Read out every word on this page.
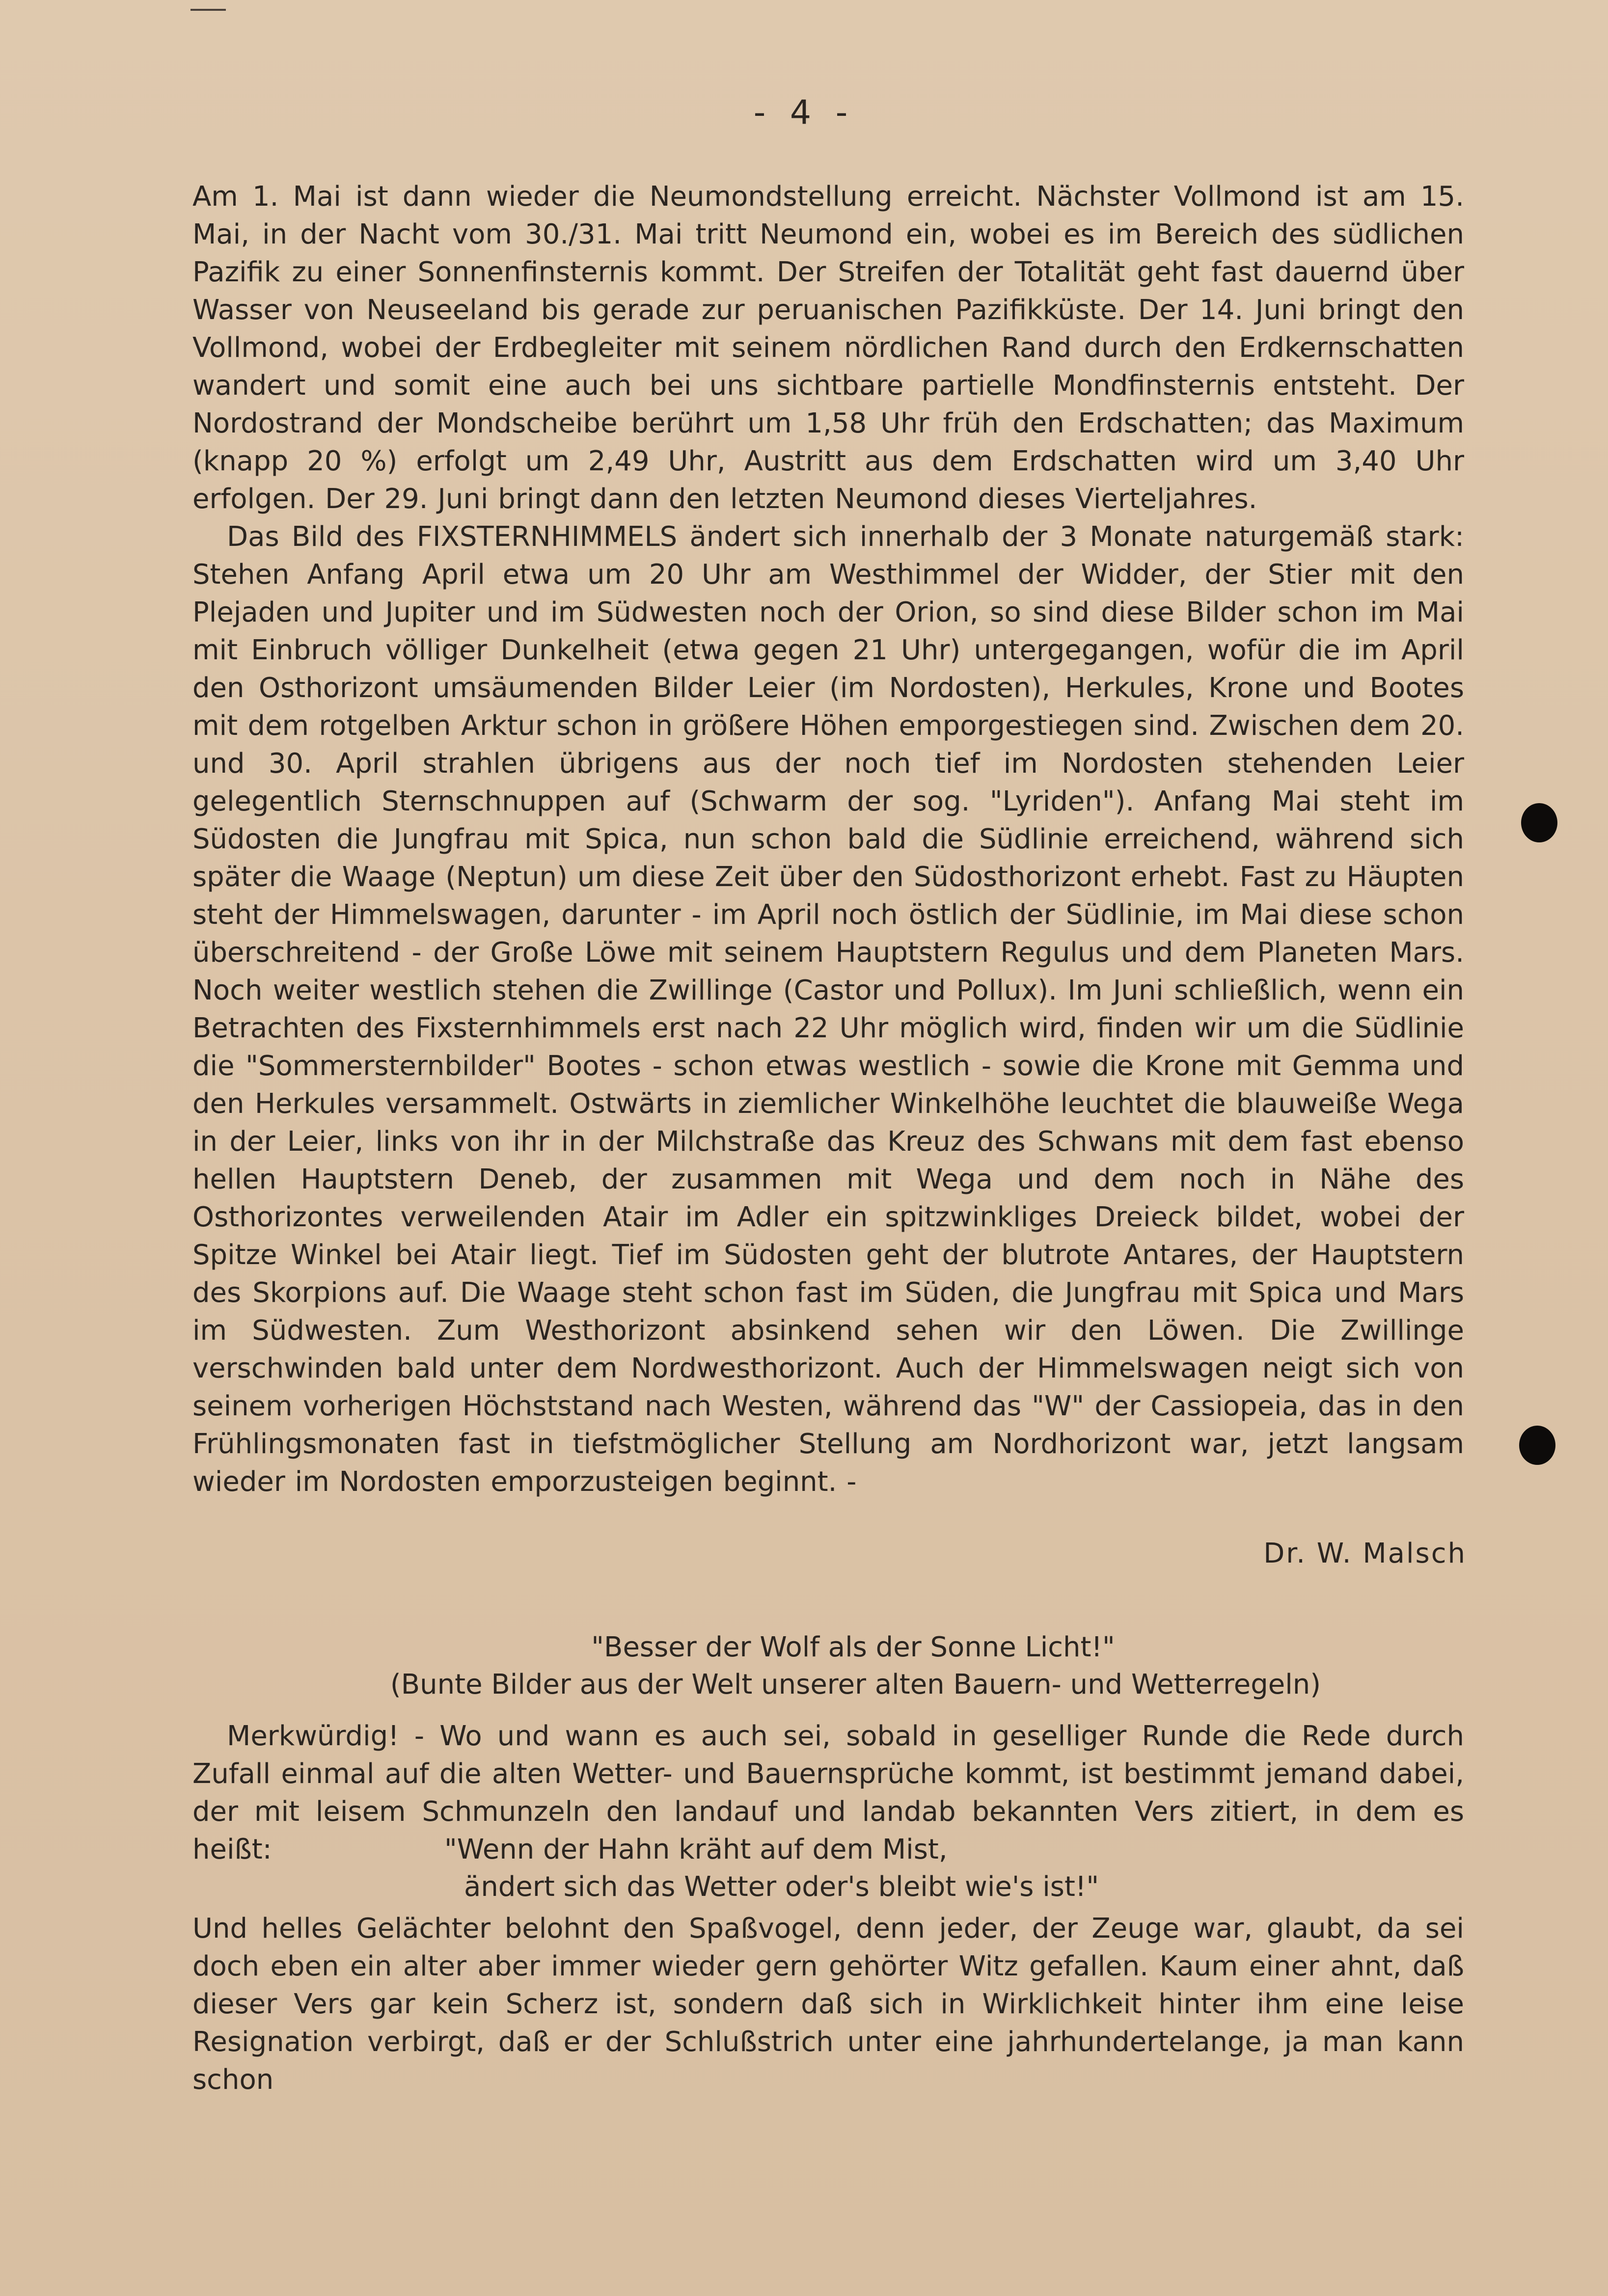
- 4 -

Am 1. Mai ist dann wieder die Neumondstellung erreicht. Nächster Vollmond ist am 15. Mai, in der Nacht vom 30./31. Mai tritt Neumond ein, wobei es im Bereich des südlichen Pazifik zu einer Sonnenfinsternis kommt. Der Streifen der Totalität geht fast dauernd über Wasser von Neuseeland bis gerade zur peruanischen Pazifikküste. Der 14. Juni bringt den Vollmond, wobei der Erdbegleiter mit seinem nördlichen Rand durch den Erdkernschatten wandert und somit eine auch bei uns sichtbare partielle Mondfinsternis entsteht. Der Nordostrand der Mondscheibe berührt um 1,58 Uhr früh den Erdschatten; das Maximum (knapp 20 %) erfolgt um 2,49 Uhr, Austritt aus dem Erdschatten wird um 3,40 Uhr erfolgen. Der 29. Juni bringt dann den letzten Neumond dieses Vierteljahres.

Das Bild des FIXSTERNHIMMELS ändert sich innerhalb der 3 Monate naturgemäß stark: Stehen Anfang April etwa um 20 Uhr am Westhimmel der Widder, der Stier mit den Plejaden und Jupiter und im Südwesten noch der Orion, so sind diese Bilder schon im Mai mit Einbruch völliger Dunkelheit (etwa gegen 21 Uhr) untergegangen, wofür die im April den Osthorizont umsäumenden Bilder Leier (im Nordosten), Herkules, Krone und Bootes mit dem rotgelben Arktur schon in größere Höhen emporgestiegen sind. Zwischen dem 20. und 30. April strahlen übrigens aus der noch tief im Nordosten stehenden Leier gelegentlich Sternschnuppen auf (Schwarm der sog. "Lyriden"). Anfang Mai steht im Südosten die Jungfrau mit Spica, nun schon bald die Südlinie erreichend, während sich später die Waage (Neptun) um diese Zeit über den Südosthorizont erhebt. Fast zu Häupten steht der Himmelswagen, darunter - im April noch östlich der Südlinie, im Mai diese schon überschreitend - der Große Löwe mit seinem Hauptstern Regulus und dem Planeten Mars. Noch weiter westlich stehen die Zwillinge (Castor und Pollux). Im Juni schließlich, wenn ein Betrachten des Fixsternhimmels erst nach 22 Uhr möglich wird, finden wir um die Südlinie die "Sommersternbilder" Bootes - schon etwas westlich - sowie die Krone mit Gemma und den Herkules versammelt. Ostwärts in ziemlicher Winkelhöhe leuchtet die blauweiße Wega in der Leier, links von ihr in der Milchstraße das Kreuz des Schwans mit dem fast ebenso hellen Hauptstern Deneb, der zusammen mit Wega und dem noch in Nähe des Osthorizontes verweilenden Atair im Adler ein spitzwinkliges Dreieck bildet, wobei der Spitze Winkel bei Atair liegt. Tief im Südosten geht der blutrote Antares, der Hauptstern des Skorpions auf. Die Waage steht schon fast im Süden, die Jungfrau mit Spica und Mars im Südwesten. Zum Westhorizont absinkend sehen wir den Löwen. Die Zwillinge verschwinden bald unter dem Nordwesthorizont. Auch der Himmelswagen neigt sich von seinem vorherigen Höchststand nach Westen, während das "W" der Cassiopeia, das in den Frühlingsmonaten fast in tiefstmöglicher Stellung am Nordhorizont war, jetzt langsam wieder im Nordosten emporzusteigen beginnt. -

Dr. W. Malsch
"Besser der Wolf als der Sonne Licht!"
(Bunte Bilder aus der Welt unserer alten Bauern- und Wetterregeln)

Merkwürdig! - Wo und wann es auch sei, sobald in geselliger Runde die Rede durch Zufall einmal auf die alten Wetter- und Bauernsprüche kommt, ist bestimmt jemand dabei, der mit leisem Schmunzeln den landauf und landab bekannten Vers zitiert, in dem es heißt:	"Wenn der Hahn kräht auf dem Mist,
ändert sich das Wetter oder's bleibt wie's ist!"

Und helles Gelächter belohnt den Spaßvogel, denn jeder, der Zeuge war, glaubt, da sei doch eben ein alter aber immer wieder gern gehörter Witz gefallen. Kaum einer ahnt, daß dieser Vers gar kein Scherz ist, sondern daß sich in Wirklichkeit hinter ihm eine leise Resignation verbirgt, daß er der Schlußstrich unter eine jahrhundertelange, ja man kann schon
